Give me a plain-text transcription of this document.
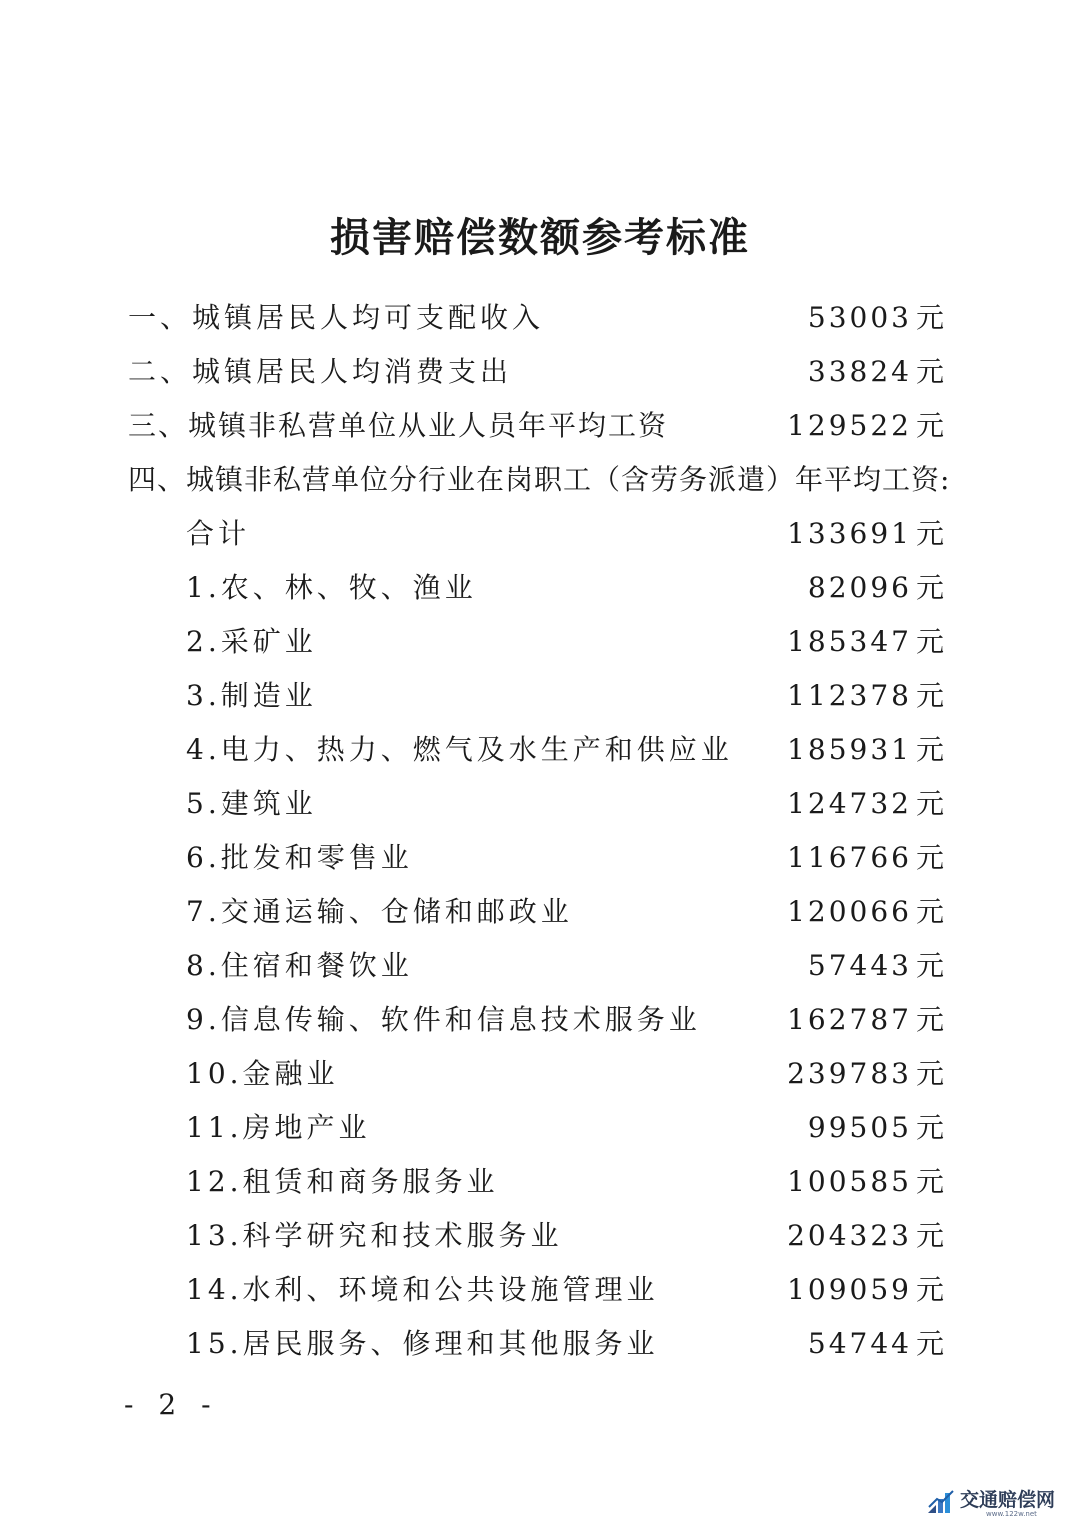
损害赔偿数额参考标准
一、城镇居民人均可支配收入	53003 元
二、城镇居民人均消费支出	33824 元
三、城镇非私营单位从业人员年平均工资	129522 元
四、城镇非私营单位分行业在岗职工（含劳务派遣）年平均工资:
合计	133691 元
1.农、林、牧、渔业	82096 元
2.采矿业	185347 元
3.制造业	112378 元
4.电力、热力、燃气及水生产和供应业 185931 元
5.建筑业	124732 元
6.批发和零售业	116766 元
7.交通运输、仓储和邮政业	120066 元
8.住宿和餐饮业	57443 元
9.信息传输、软件和信息技术服务业	162787 元
10.金融业	239783 元
11.房地产业	99505 元
12.租赁和商务服务业	100585 元
13.科学研究和技术服务业	204323 元
14.水利、环境和公共设施管理业	109059 元
15.居民服务、修理和其他服务业	54744 元
- 2 -
交通赔偿网
www.122w.net
